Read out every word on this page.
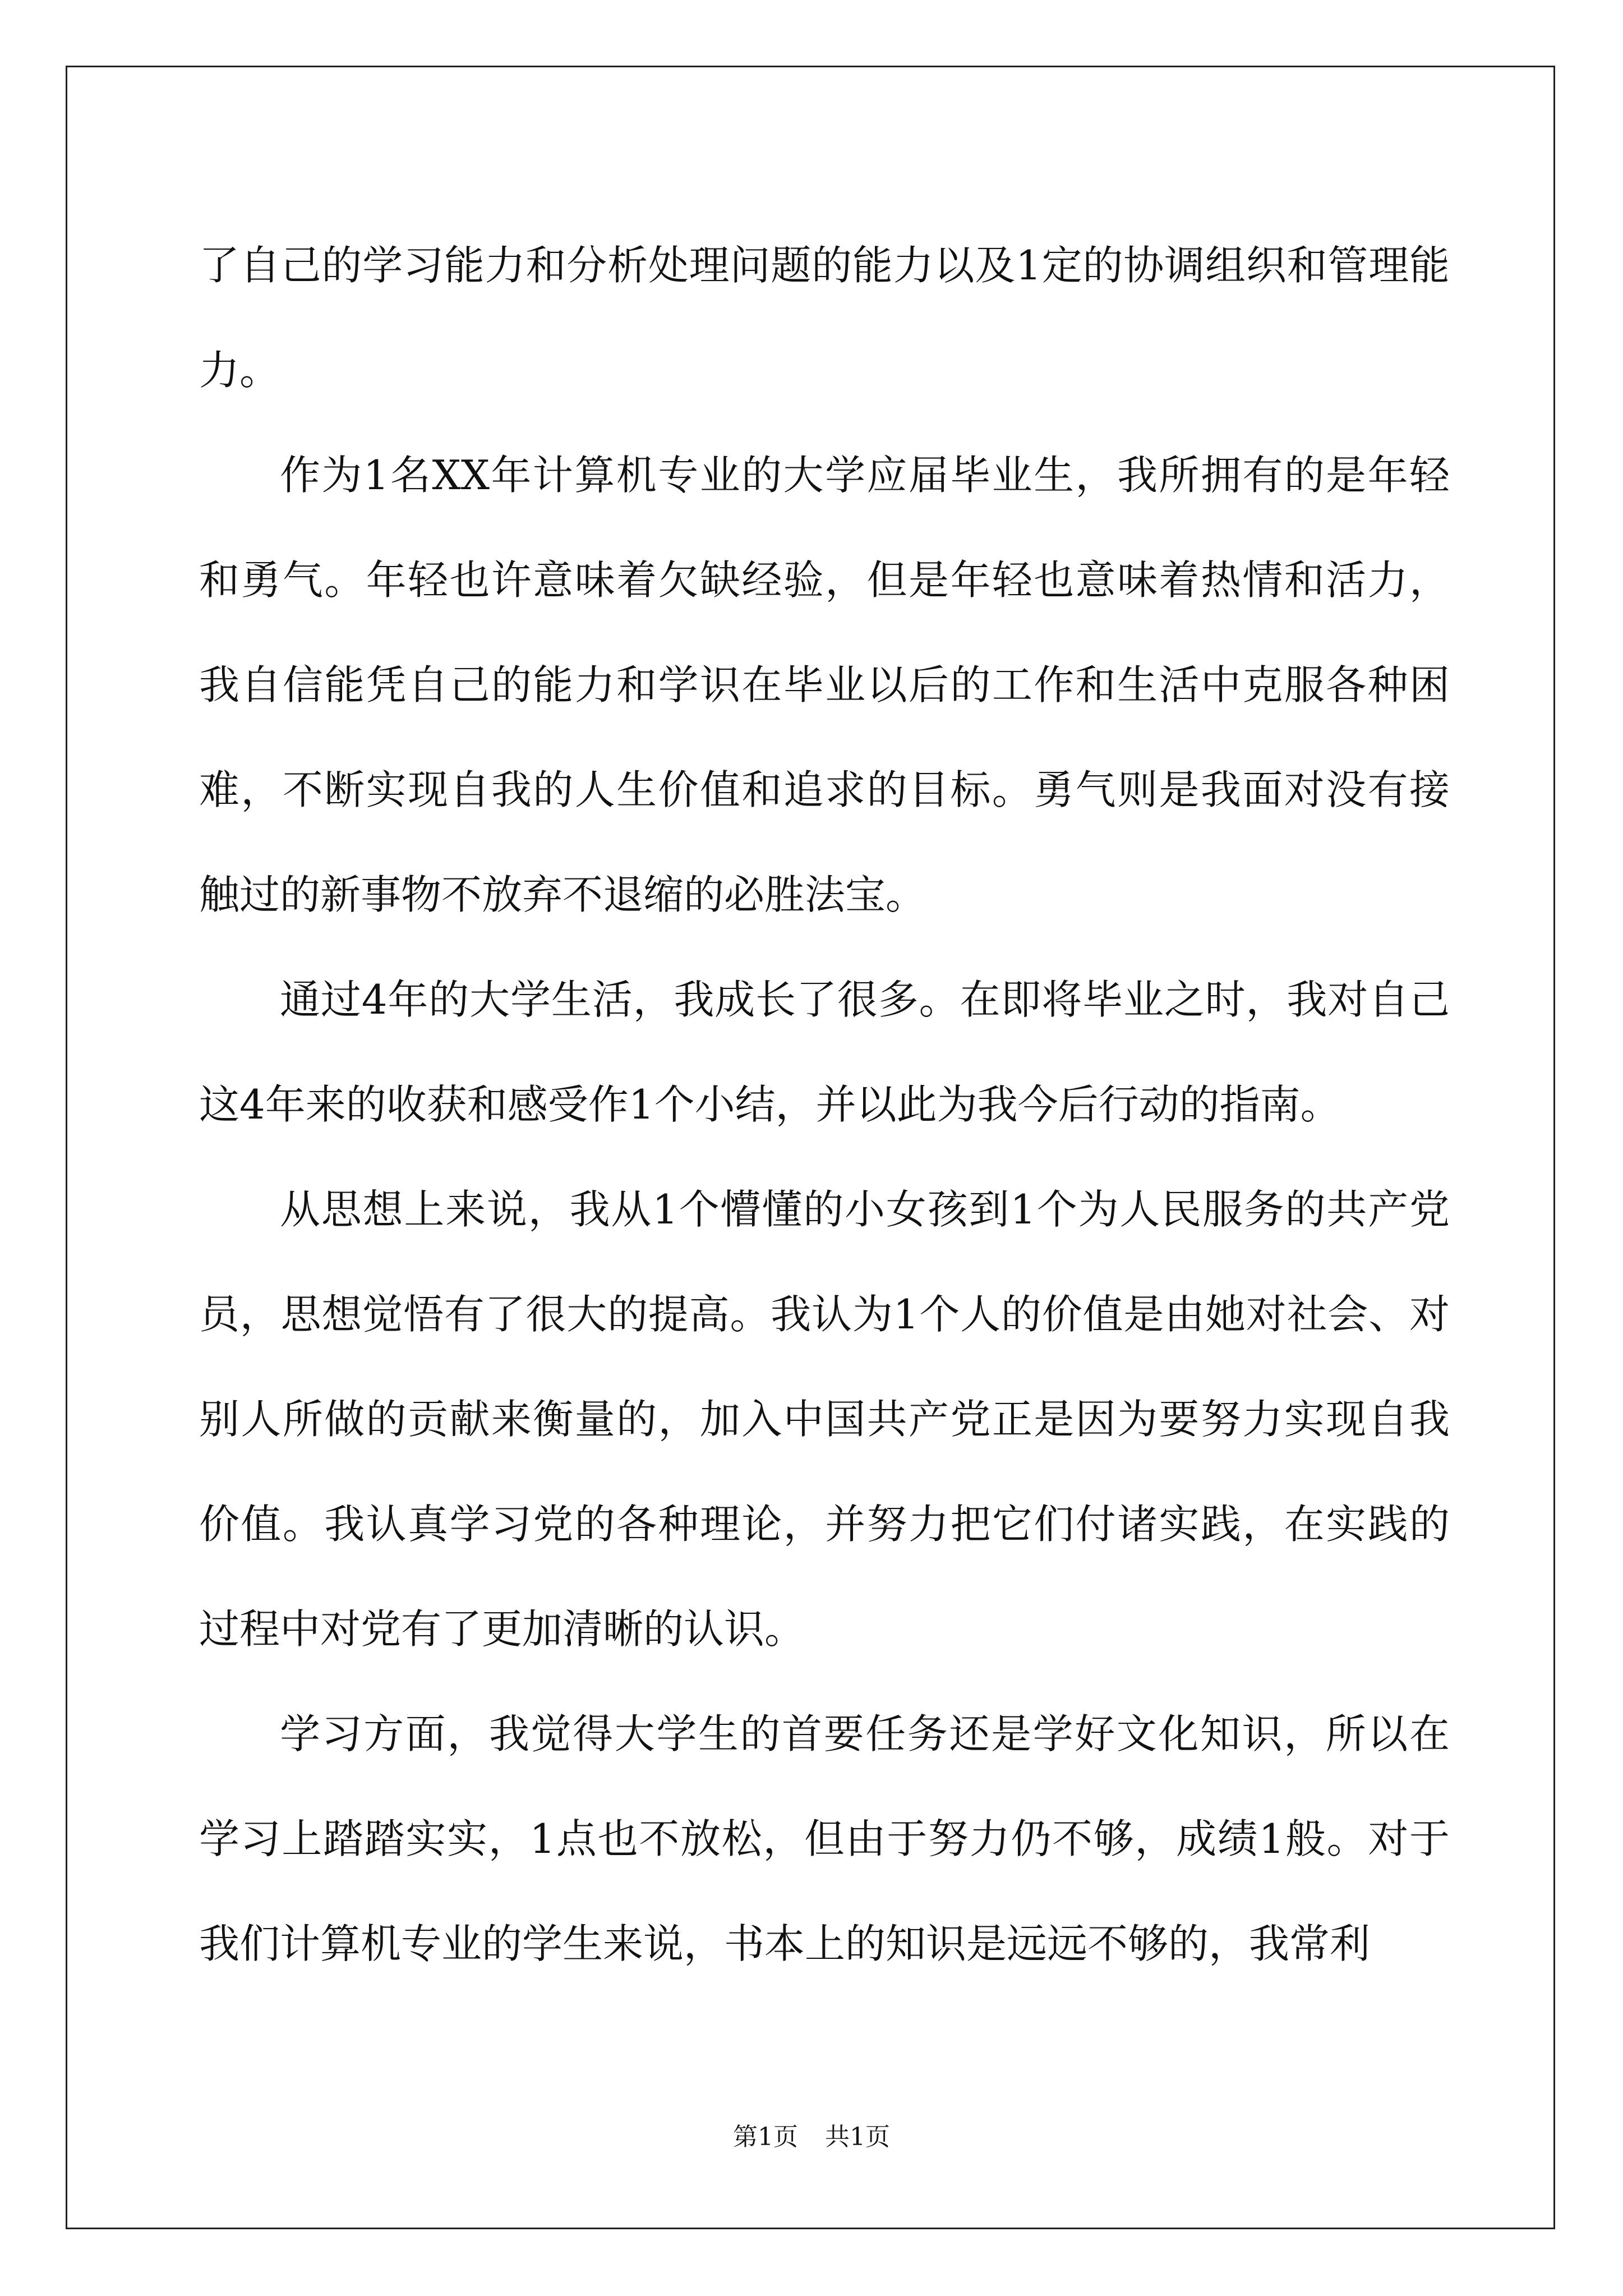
了自己的学习能力和分析处理问题的能力以及1定的协调组织和管理能力。

作为1名XX年计算机专业的大学应届毕业生，我所拥有的是年轻和勇气。年轻也许意味着欠缺经验，但是年轻也意味着热情和活力，我自信能凭自己的能力和学识在毕业以后的工作和生活中克服各种困难，不断实现自我的人生价值和追求的目标。勇气则是我面对没有接触过的新事物不放弃不退缩的必胜法宝。

通过4年的大学生活，我成长了很多。在即将毕业之时，我对自己这4年来的收获和感受作1个小结，并以此为我今后行动的指南。

从思想上来说，我从1个懵懂的小女孩到1个为人民服务的共产党员，思想觉悟有了很大的提高。我认为1个人的价值是由她对社会、对别人所做的贡献来衡量的，加入中国共产党正是因为要努力实现自我价值。我认真学习党的各种理论，并努力把它们付诸实践，在实践的过程中对党有了更加清晰的认识。

学习方面，我觉得大学生的首要任务还是学好文化知识，所以在学习上踏踏实实，1点也不放松，但由于努力仍不够，成绩1般。对于我们计算机专业的学生来说，书本上的知识是远远不够的，我常利

第1页 共1页
